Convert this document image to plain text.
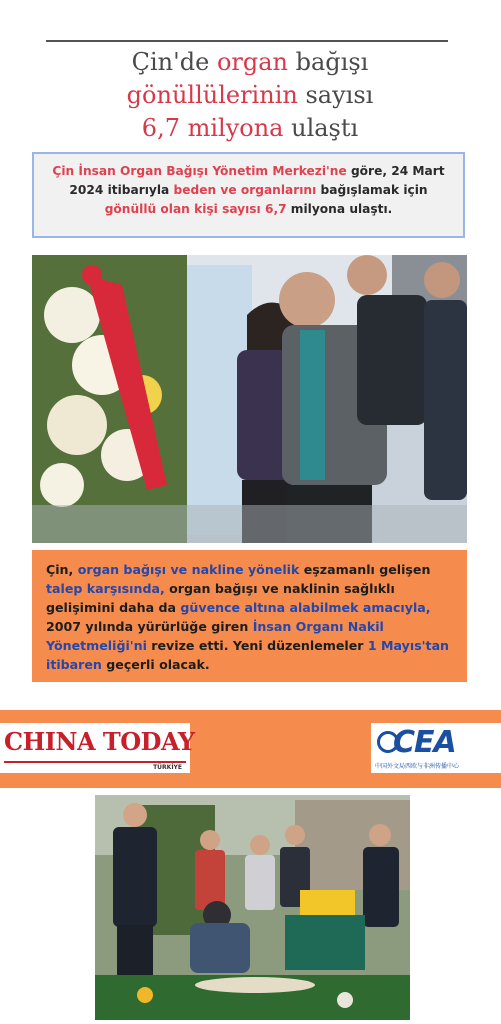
Çin'de organ bağışı
gönüllülerinin sayısı
6,7 milyona ulaştı
Çin İnsan Organ Bağışı Yönetim Merkezi'ne göre, 24 Mart 2024 itibarıyla beden ve organlarını bağışlamak için gönüllü olan kişi sayısı 6,7 milyona ulaştı.
Çin, organ bağışı ve nakline yönelik eşzamanlı gelişen talep karşısında, organ bağışı ve naklinin sağlıklı gelişimini daha da güvence altına alabilmek amacıyla, 2007 yılında yürürlüğe giren İnsan Organı Nakil Yönetmeliği'ni revize etti. Yeni düzenlemeler 1 Mayıs'tan itibaren geçerli olacak.
CHINA TODAY
TÜRKİYE
CEA
中国外文局西欧与非洲传播中心
